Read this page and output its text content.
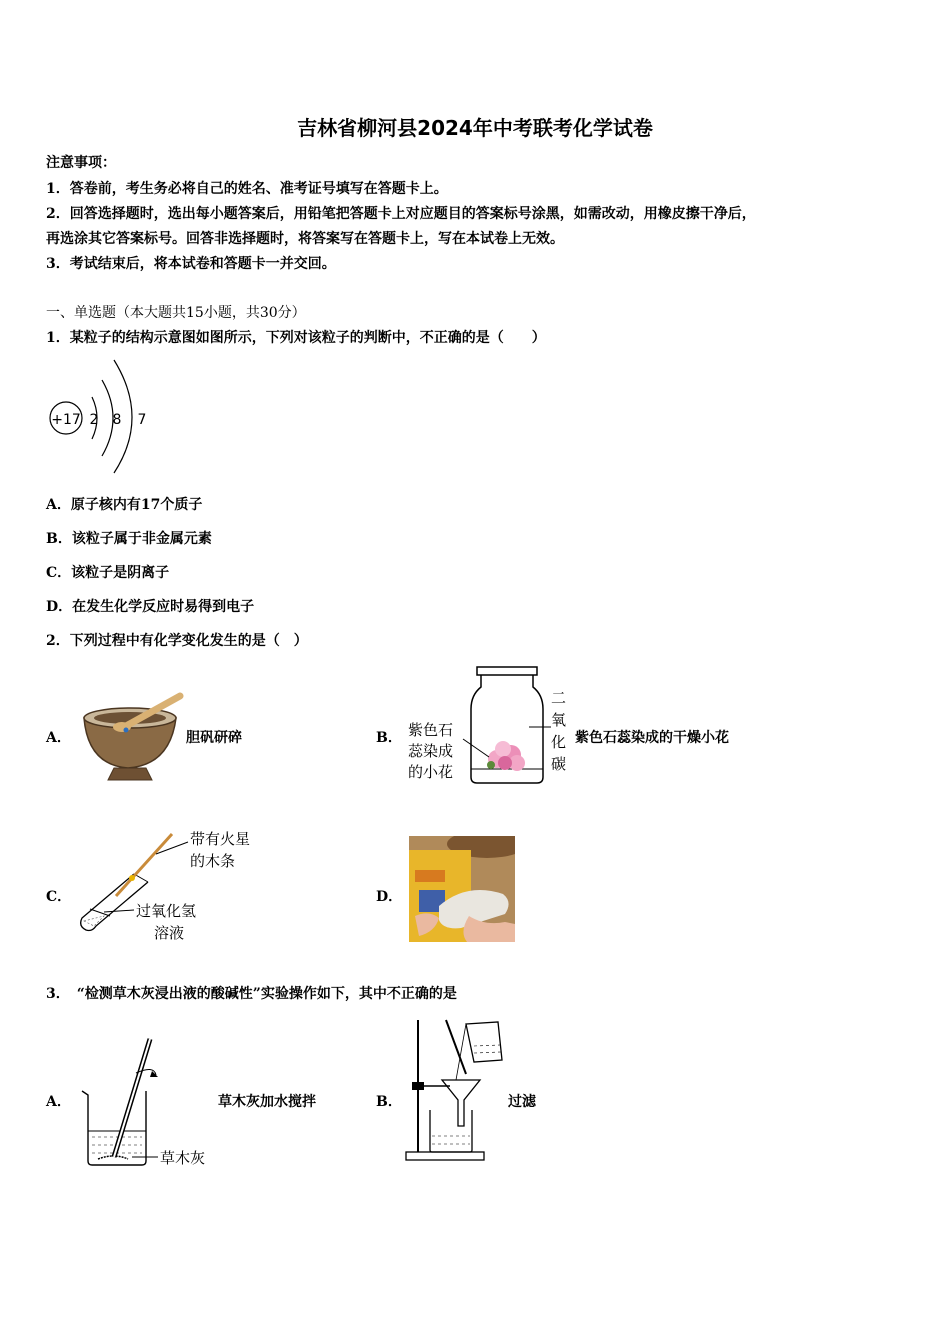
吉林省柳河县2024年中考联考化学试卷
注意事项：
1．答卷前，考生务必将自己的姓名、准考证号填写在答题卡上。
2．回答选择题时，选出每小题答案后，用铅笔把答题卡上对应题目的答案标号涂黑，如需改动，用橡皮擦干净后，
再选涂其它答案标号。回答非选择题时，将答案写在答题卡上，写在本试卷上无效。
3．考试结束后，将本试卷和答题卡一并交回。
一、单选题（本大题共15小题，共30分）
1．某粒子的结构示意图如图所示，下列对该粒子的判断中，不正确的是（　　）
+17 2 8 7
A．原子核内有17个质子
B．该粒子属于非金属元素
C．该粒子是阴离子
D．在发生化学反应时易得到电子
2．下列过程中有化学变化发生的是（　）
A．	胆矾研碎	B． 紫色石
蕊染成
的小花
二
氧
化
碳
紫色石蕊染成的干燥小花
C．
带有火星
的木条
过氧化氢
溶液
D．
3．　“检测草木灰浸出液的酸碱性”实验操作如下，其中不正确的是
A．
草木灰
草木灰加水搅拌	B．	过滤
